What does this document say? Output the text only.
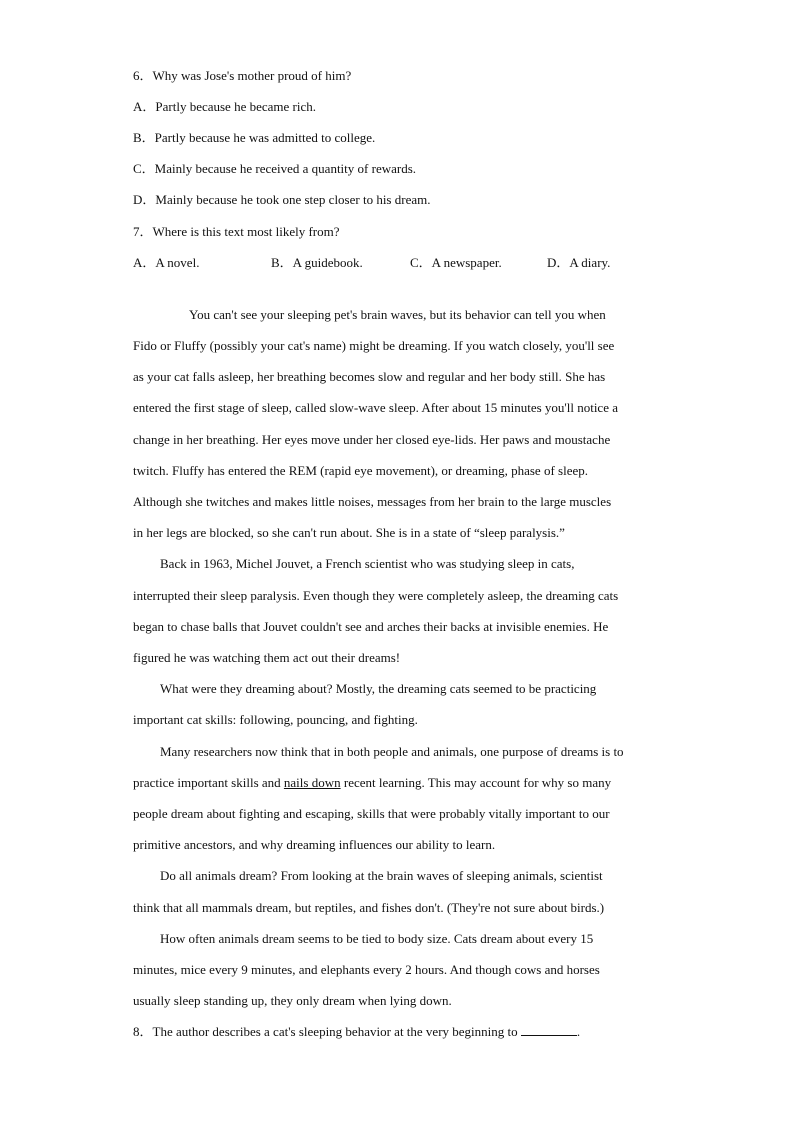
6．Why was Jose's mother proud of him?
A．Partly because he became rich.
B．Partly because he was admitted to college.
C．Mainly because he received a quantity of rewards.
D．Mainly because he took one step closer to his dream.
7．Where is this text most likely from?
A．A novel.	B．A guidebook.	C．A newspaper.	D．A diary.
You can't see your sleeping pet's brain waves, but its behavior can tell you when
Fido or Fluffy (possibly your cat's name) might be dreaming. If you watch closely, you'll see
as your cat falls asleep, her breathing becomes slow and regular and her body still. She has
entered the first stage of sleep, called slow-wave sleep. After about 15 minutes you'll notice a
change in her breathing. Her eyes move under her closed eye-lids. Her paws and moustache
twitch. Fluffy has entered the REM (rapid eye movement), or dreaming, phase of sleep.
Although she twitches and makes little noises, messages from her brain to the large muscles
in her legs are blocked, so she can't run about. She is in a state of “sleep paralysis.”
Back in 1963, Michel Jouvet, a French scientist who was studying sleep in cats,
interrupted their sleep paralysis. Even though they were completely asleep, the dreaming cats
began to chase balls that Jouvet couldn't see and arches their backs at invisible enemies. He
figured he was watching them act out their dreams!
What were they dreaming about? Mostly, the dreaming cats seemed to be practicing
important cat skills: following, pouncing, and fighting.
Many researchers now think that in both people and animals, one purpose of dreams is to
practice important skills and nails down recent learning. This may account for why so many
people dream about fighting and escaping, skills that were probably vitally important to our
primitive ancestors, and why dreaming influences our ability to learn.
Do all animals dream? From looking at the brain waves of sleeping animals, scientist
think that all mammals dream, but reptiles, and fishes don't. (They're not sure about birds.)
How often animals dream seems to be tied to body size. Cats dream about every 15
minutes, mice every 9 minutes, and elephants every 2 hours. And though cows and horses
usually sleep standing up, they only dream when lying down.
8．The author describes a cat's sleeping behavior at the very beginning to	.
